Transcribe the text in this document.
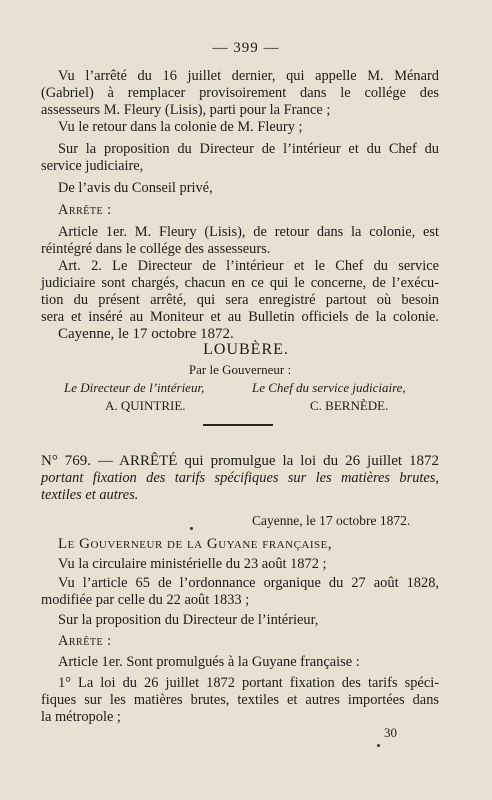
— 399 —
Vu l’arrêté du 16 juillet dernier, qui appelle M. Ménard
(Gabriel) à remplacer provisoirement dans le collége des
assesseurs M. Fleury (Lisis), parti pour la France ;
Vu le retour dans la colonie de M. Fleury ;
Sur la proposition du Directeur de l’intérieur et du Chef du
service judiciaire,
De l’avis du Conseil privé,
Arrête :
Article 1er. M. Fleury (Lisis), de retour dans la colonie, est
réintégré dans le collége des assesseurs.
Art. 2. Le Directeur de l’intérieur et le Chef du service
judiciaire sont chargés, chacun en ce qui le concerne, de l’exécu-
tion du présent arrêté, qui sera enregistré partout où besoin
sera et inséré au Moniteur et au Bulletin officiels de la colonie.
Cayenne, le 17 octobre 1872.
LOUBÈRE.
Par le Gouverneur :
Le Directeur de l’intérieur,	Le Chef du service judiciaire,
A. QUINTRIE.	C. BERNÈDE.
N° 769. — ARRÊTÉ qui promulgue la loi du 26 juillet 1872
portant fixation des tarifs spécifiques sur les matières brutes,
textiles et autres.
Cayenne, le 17 octobre 1872.
Le Gouverneur de la Guyane française,
Vu la circulaire ministérielle du 23 août 1872 ;
Vu l’article 65 de l’ordonnance organique du 27 août 1828,
modifiée par celle du 22 août 1833 ;
Sur la proposition du Directeur de l’intérieur,
Arrête :
Article 1er. Sont promulgués à la Guyane française :
1° La loi du 26 juillet 1872 portant fixation des tarifs spéci-
fiques sur les matières brutes, textiles et autres importées dans
la métropole ;
30
